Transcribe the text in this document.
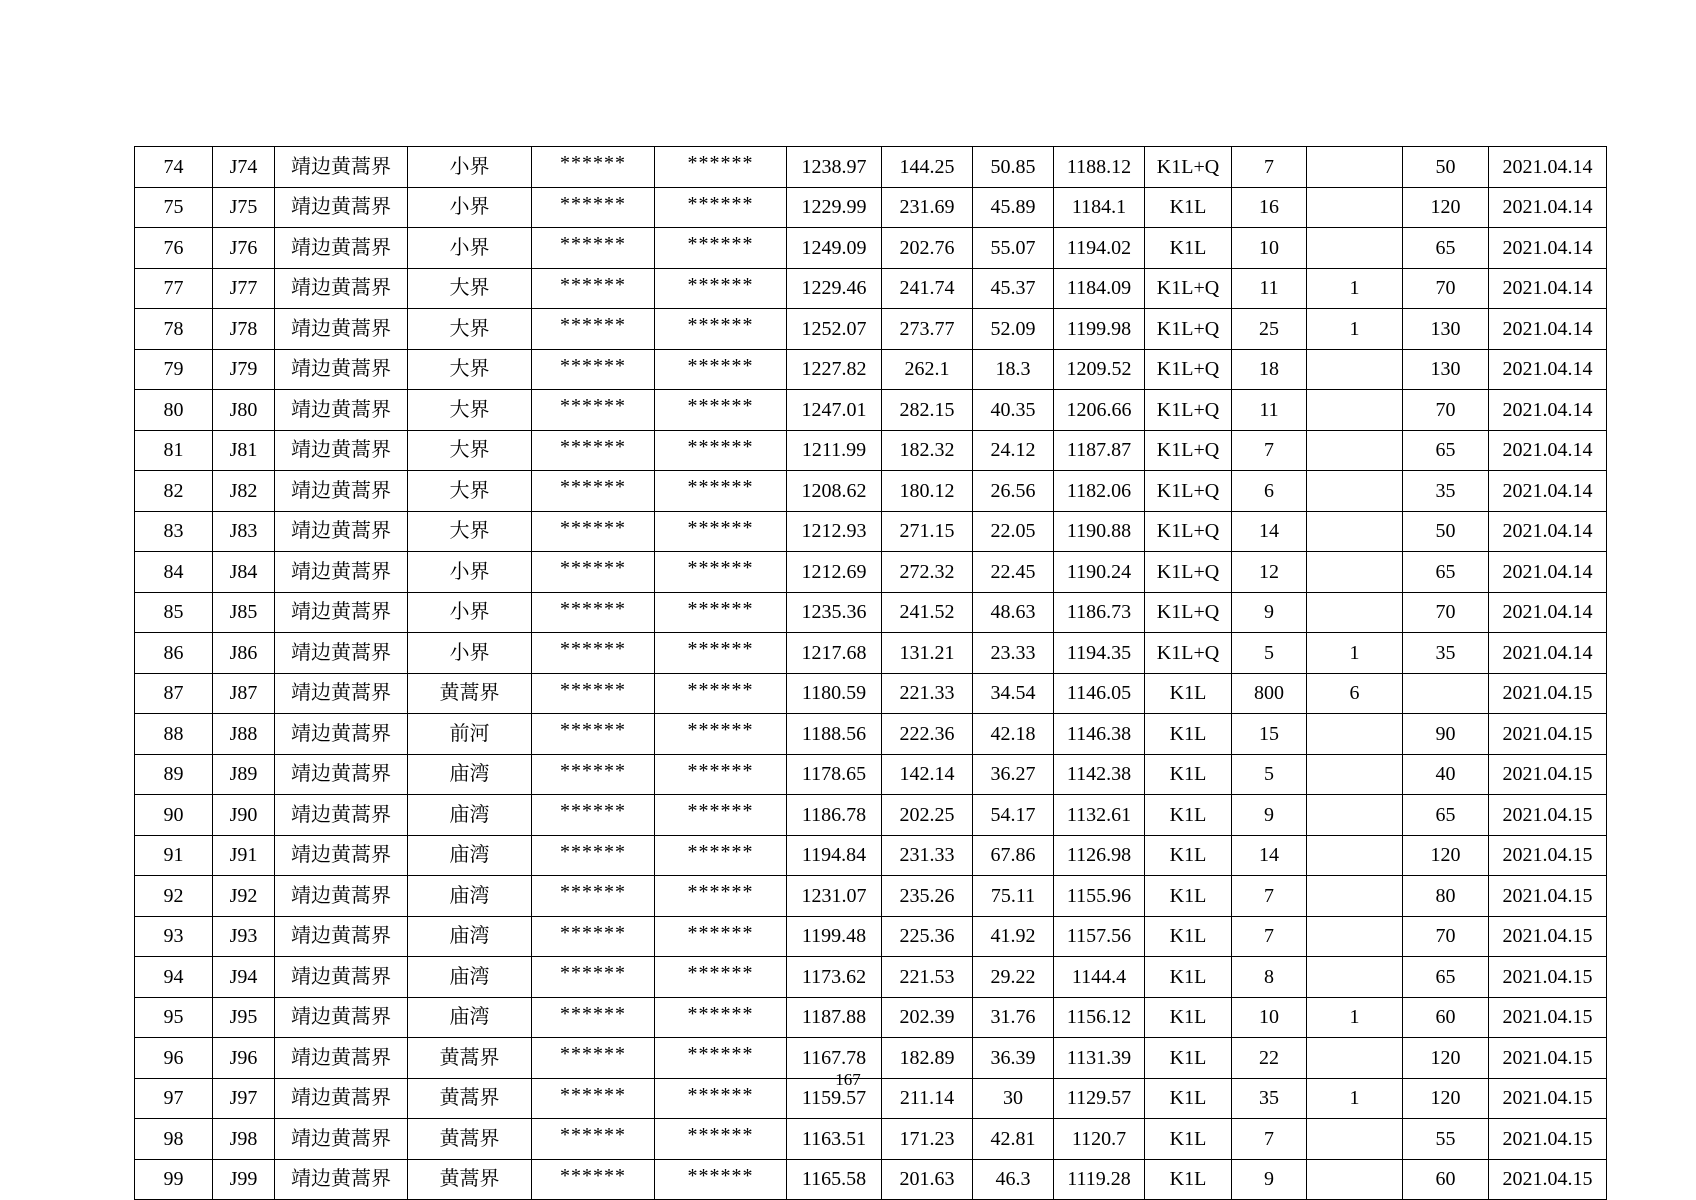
74	J74	靖边黄蒿界	小界	******	******	1238.97	144.25	50.85	1188.12	K1L+Q	7		50	2021.04.14
75	J75	靖边黄蒿界	小界	******	******	1229.99	231.69	45.89	1184.1	K1L	16		120	2021.04.14
76	J76	靖边黄蒿界	小界	******	******	1249.09	202.76	55.07	1194.02	K1L	10		65	2021.04.14
77	J77	靖边黄蒿界	大界	******	******	1229.46	241.74	45.37	1184.09	K1L+Q	11	1	70	2021.04.14
78	J78	靖边黄蒿界	大界	******	******	1252.07	273.77	52.09	1199.98	K1L+Q	25	1	130	2021.04.14
79	J79	靖边黄蒿界	大界	******	******	1227.82	262.1	18.3	1209.52	K1L+Q	18		130	2021.04.14
80	J80	靖边黄蒿界	大界	******	******	1247.01	282.15	40.35	1206.66	K1L+Q	11		70	2021.04.14
81	J81	靖边黄蒿界	大界	******	******	1211.99	182.32	24.12	1187.87	K1L+Q	7		65	2021.04.14
82	J82	靖边黄蒿界	大界	******	******	1208.62	180.12	26.56	1182.06	K1L+Q	6		35	2021.04.14
83	J83	靖边黄蒿界	大界	******	******	1212.93	271.15	22.05	1190.88	K1L+Q	14		50	2021.04.14
84	J84	靖边黄蒿界	小界	******	******	1212.69	272.32	22.45	1190.24	K1L+Q	12		65	2021.04.14
85	J85	靖边黄蒿界	小界	******	******	1235.36	241.52	48.63	1186.73	K1L+Q	9		70	2021.04.14
86	J86	靖边黄蒿界	小界	******	******	1217.68	131.21	23.33	1194.35	K1L+Q	5	1	35	2021.04.14
87	J87	靖边黄蒿界	黄蒿界	******	******	1180.59	221.33	34.54	1146.05	K1L	800	6		2021.04.15
88	J88	靖边黄蒿界	前河	******	******	1188.56	222.36	42.18	1146.38	K1L	15		90	2021.04.15
89	J89	靖边黄蒿界	庙湾	******	******	1178.65	142.14	36.27	1142.38	K1L	5		40	2021.04.15
90	J90	靖边黄蒿界	庙湾	******	******	1186.78	202.25	54.17	1132.61	K1L	9		65	2021.04.15
91	J91	靖边黄蒿界	庙湾	******	******	1194.84	231.33	67.86	1126.98	K1L	14		120	2021.04.15
92	J92	靖边黄蒿界	庙湾	******	******	1231.07	235.26	75.11	1155.96	K1L	7		80	2021.04.15
93	J93	靖边黄蒿界	庙湾	******	******	1199.48	225.36	41.92	1157.56	K1L	7		70	2021.04.15
94	J94	靖边黄蒿界	庙湾	******	******	1173.62	221.53	29.22	1144.4	K1L	8		65	2021.04.15
95	J95	靖边黄蒿界	庙湾	******	******	1187.88	202.39	31.76	1156.12	K1L	10	1	60	2021.04.15
96	J96	靖边黄蒿界	黄蒿界	******	******	1167.78	182.89	36.39	1131.39	K1L	22		120	2021.04.15
97	J97	靖边黄蒿界	黄蒿界	******	******	1159.57	211.14	30	1129.57	K1L	35	1	120	2021.04.15
98	J98	靖边黄蒿界	黄蒿界	******	******	1163.51	171.23	42.81	1120.7	K1L	7		55	2021.04.15
99	J99	靖边黄蒿界	黄蒿界	******	******	1165.58	201.63	46.3	1119.28	K1L	9		60	2021.04.15
167
